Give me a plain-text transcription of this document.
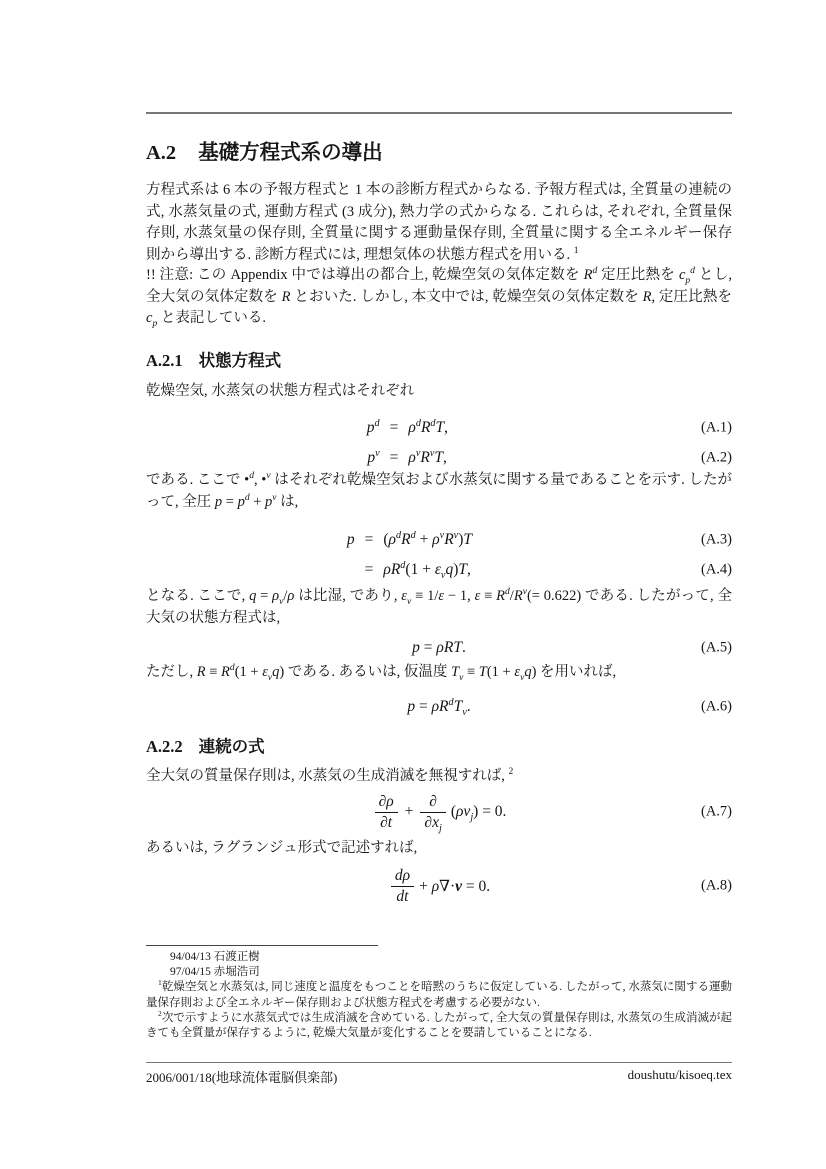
A.2 基礎方程式系の導出

方程式系は 6 本の予報方程式と 1 本の診断方程式からなる. 予報方程式は, 全質量の連続の式, 水蒸気量の式, 運動方程式 (3 成分), 熱力学の式からなる. これらは, それぞれ, 全質量保存則, 水蒸気量の保存則, 全質量に関する運動量保存則, 全質量に関する全エネルギー保存則から導出する. 診断方程式には, 理想気体の状態方程式を用いる. $^1$

!! 注意: この Appendix 中では導出の都合上, 乾燥空気の気体定数を $R^d$ 定圧比熱を $c_p^d$ とし, 全大気の気体定数を R とおいた. しかし, 本文中では, 乾燥空気の気体定数を R, 定圧比熱を $c_p$ と表記している.

A.2.1 状態方程式

乾燥空気, 水蒸気の状態方程式はそれぞれ

$p^d = \rho^dR^dT$,	(A.1)
$p^v = \rho^vR^vT$,	(A.2)

である. ここで •$^d$, •$^v$ はそれぞれ乾燥空気および水蒸気に関する量であることを示す. したがって, 全圧 $p = p^d + p^v$ は,

$p = (\rho^dR^d + \rho^vR^v)T$	(A.3)
= $\rho R^d(1 + \varepsilon_vq)T$,	(A.4)

となる. ここで, $q = \rho_v/\rho$ は比湿, であり, $\varepsilon_v \equiv 1/\varepsilon - 1$, $\varepsilon \equiv R^d/R^v(= 0.622)$ である. したがって, 全大気の状態方程式は,

p = ρRT.	(A.5)

ただし, $R \equiv R^d(1 + \varepsilon_vq)$ である. あるいは, 仮温度 $T_v \equiv T(1 + \varepsilon_vq)$ を用いれば,

$p = \rho R^dT_v$.	(A.6)
A.2.2 連続の式

全大気の質量保存則は, 水蒸気の生成消滅を無視すれば, $^2$

$\frac{\partial\rho}{\partial t} + \frac{\partial}{\partial x_j} (\rho v_j) = 0$.	(A.7)

あるいは, ラグランジュ形式で記述すれば,

$\frac{d\rho}{dt} + \rho\nabla\cdot v = 0$.	(A.8)
94/04/13 石渡正樹
97/04/15 赤堀浩司

$^1$乾燥空気と水蒸気は, 同じ速度と温度をもつことを暗黙のうちに仮定している. したがって, 水蒸気に関する運動量保存則および全エネルギー保存則および状態方程式を考慮する必要がない.

$^2$次で示すように水蒸気式では生成消滅を含めている. したがって, 全大気の質量保存則は, 水蒸気の生成消滅が起きても全質量が保存するように, 乾燥大気量が変化することを要請していることになる.

2006/001/18(地球流体電脳倶楽部)	doushutu/kisoeq.tex
